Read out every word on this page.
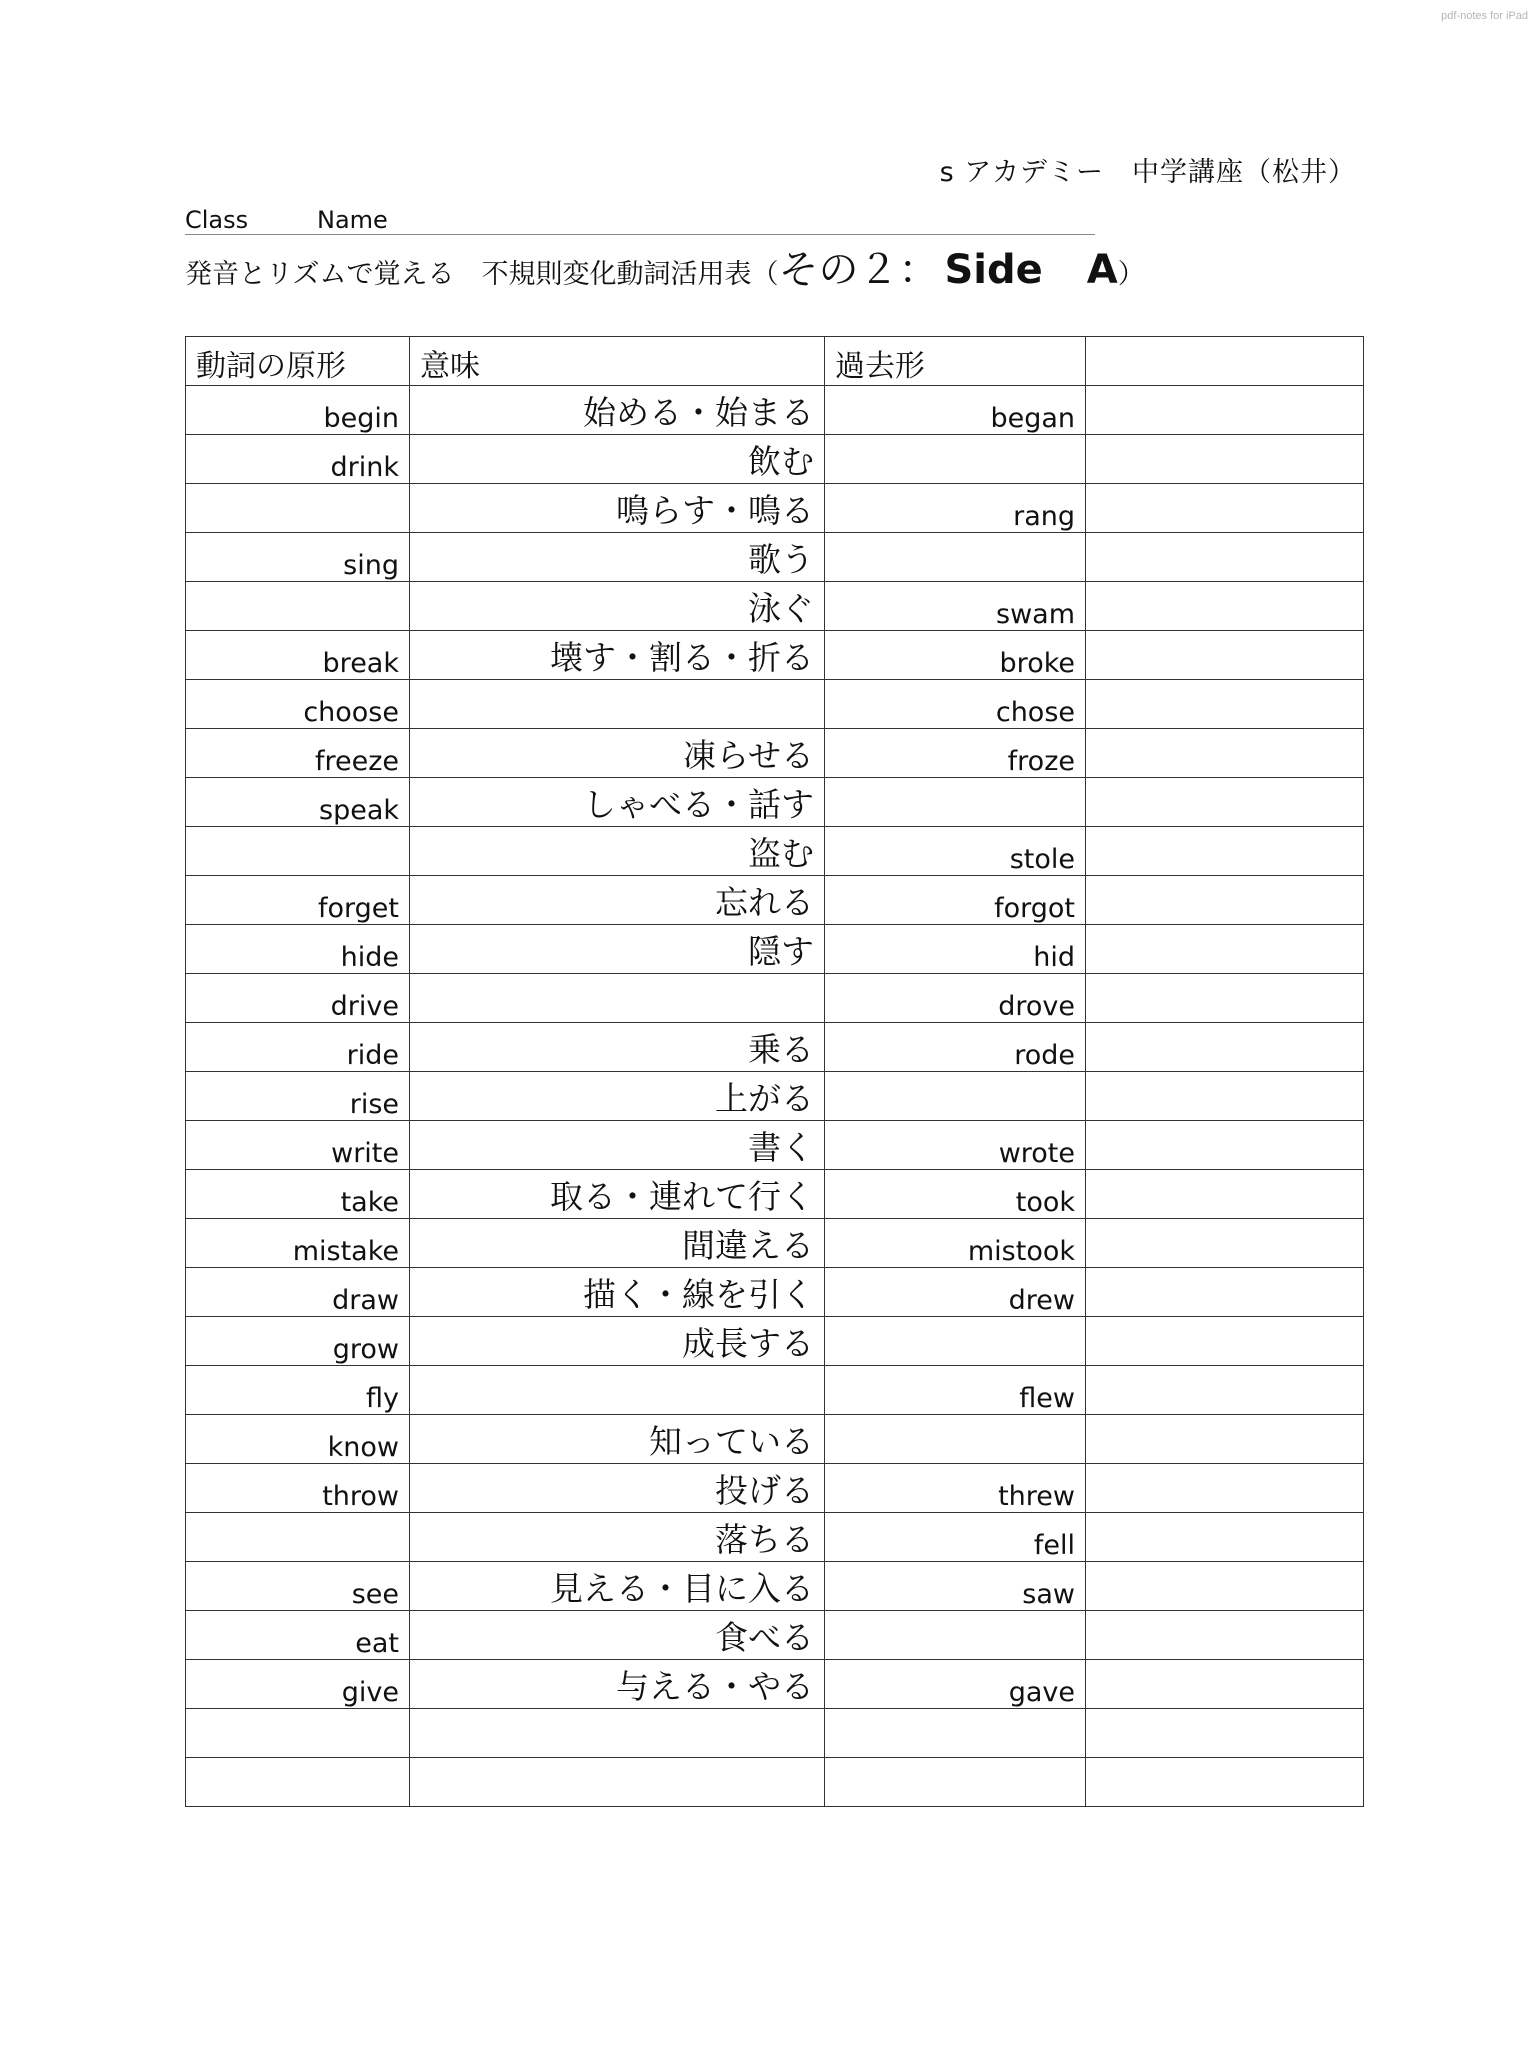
pdf-notes for iPad
s アカデミー　中学講座（松井）
Class	Name
発音とリズムで覚える　不規則変化動詞活用表（その２： Side A）
動詞の原形	意味	過去形	
begin	始める・始まる	began	
drink	飲む		
	鳴らす・鳴る	rang	
sing	歌う		
	泳ぐ	swam	
break	壊す・割る・折る	broke	
choose		chose	
freeze	凍らせる	froze	
speak	しゃべる・話す		
	盗む	stole	
forget	忘れる	forgot	
hide	隠す	hid	
drive		drove	
ride	乗る	rode	
rise	上がる		
write	書く	wrote	
take	取る・連れて行く	took	
mistake	間違える	mistook	
draw	描く・線を引く	drew	
grow	成長する		
fly		flew	
know	知っている		
throw	投げる	threw	
	落ちる	fell	
see	見える・目に入る	saw	
eat	食べる		
give	与える・やる	gave	
